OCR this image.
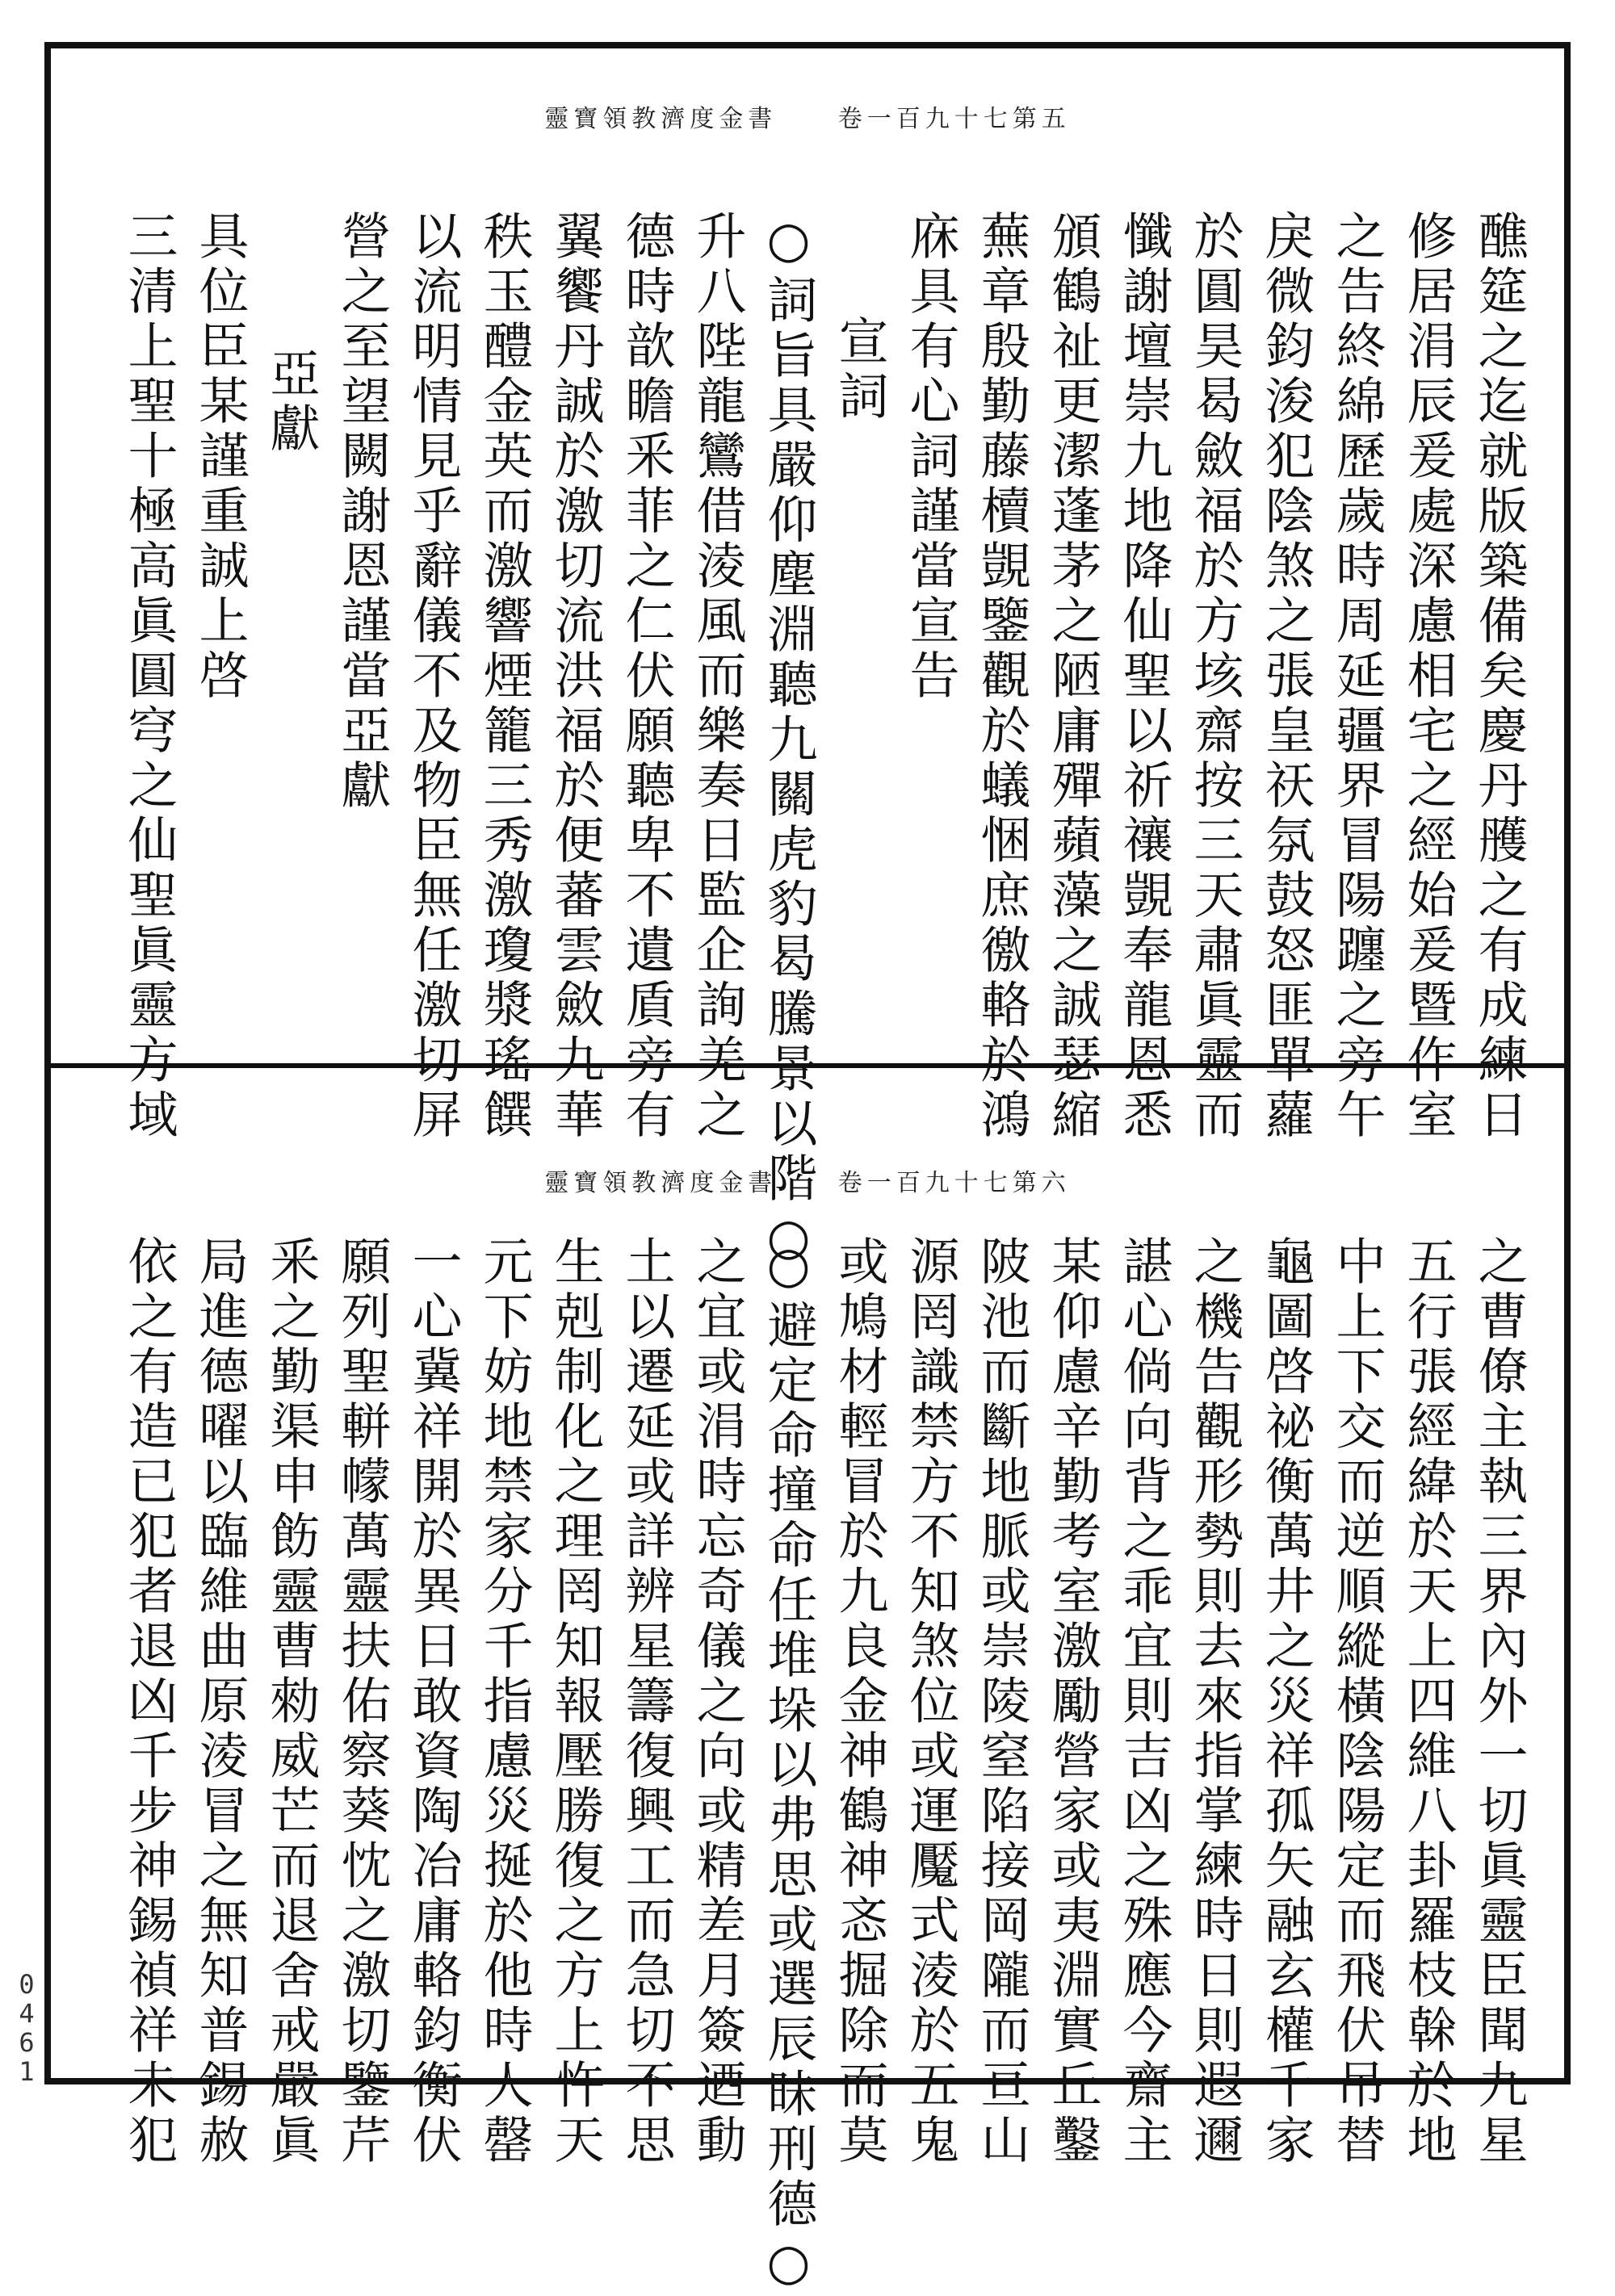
靈寶領教濟度金書	卷一百九十七第五
醮筵之迄就版築備矣慶丹雘之有成練日
修居涓辰爰處深慮相宅之經始爰暨作室
之告終綿歷歲時周延疆界冒陽躔之旁午
戾微鈞浚犯陰煞之張皇祆氛鼓怒匪單蘿
於圓昊曷斂福於方垓齋按三天肅眞靈而
懺謝壇崇九地降仙聖以祈禳覬奉龍恩悉
頒鶴祉更潔蓬茅之陋庸殫蘋藻之誠瑟縮
蕪章殷勤藤櫝覬鑒觀於蟻悃庶徼輅於鴻
庥具有心詞謹當宣告
宣詞
○詞旨具嚴仰塵淵聽九關虎豹曷騰景以階○
升八陛龍鸞借淩風而樂奏日監企詢羌之
德時歆瞻釆菲之仁伏願聽卑不遺貭旁有
翼饗丹誠於激切流洪福於便蕃雲斂九華
秩玉醴金英而激響煙籠三秀激瓊漿瑤饌
以流明情見乎辭儀不及物臣無任激切屏
營之至望闕謝恩謹當亞獻
亞獻
具位臣某謹重誠上啓
三清上聖十極高眞圓穹之仙聖眞靈方域
靈寶領教濟度金書	卷一百九十七第六
之曹僚主執三界內外一切眞靈臣聞九星
五行張經緯於天上四維八卦羅枝榦於地
中上下交而逆順縱橫陰陽定而飛伏吊替
龜圖啓祕衡萬井之災祥孤矢融玄權千家
之機告觀形勢則去來指掌練時日則遐邇
諶心倘向背之乖宜則吉凶之殊應今齋主
某仰慮辛勤考室激勵營家或夷淵實丘鑿
陂池而斷地脈或崇陵窒陷接岡隴而亘山
源罔識禁方不知煞位或運魘式淩於五鬼
或鳩材輕冒於九良金神鶴神忞掘除而莫
○避定命撞命任堆垛以弗思或選辰昧刑德○
之宜或涓時忘奇儀之向或精差月簽迺動
土以遷延或詳辨星籌復興工而急切不思
生剋制化之理罔知報壓勝復之方上忤天
元下妨地禁家分千指慮災挻於他時人罄
一心冀祥開於異日敢資陶冶庸輅鈞衡伏
願列聖軿幪萬靈扶佑察葵忱之激切鑒芹
釆之勤渠申飭靈曹勑威芒而退舍戒嚴眞
局進德曜以臨維曲原淩冒之無知普錫赦
依之有造已犯者退凶千步神錫禎祥未犯
0
4
6
1
